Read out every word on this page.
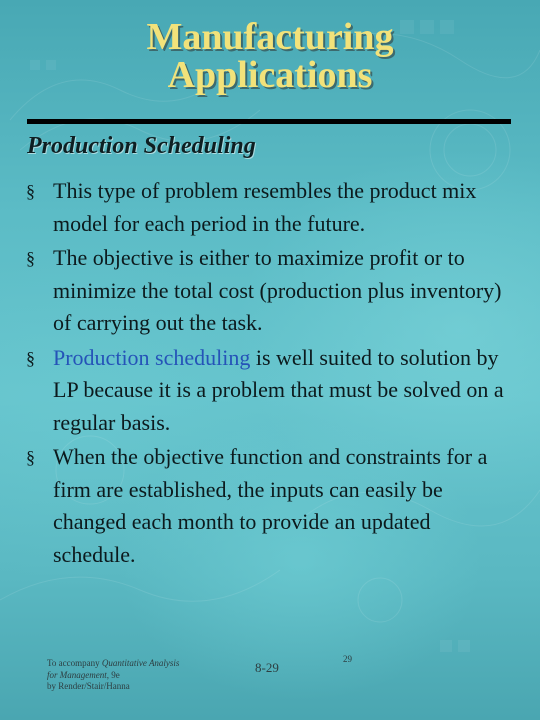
Manufacturing
Applications
Production Scheduling
§ This type of problem resembles the product mix model for each period in the future.
§ The objective is either to maximize profit or to minimize the total cost (production plus inventory) of carrying out the task.
§ Production scheduling is well suited to solution by LP because it is a problem that must be solved on a regular basis.
§ When the objective function and constraints for a firm are established, the inputs can easily be changed each month to provide an updated schedule.
To accompany Quantitative Analysis
for Management, 9e
by Render/Stair/Hanna
8-29
29
